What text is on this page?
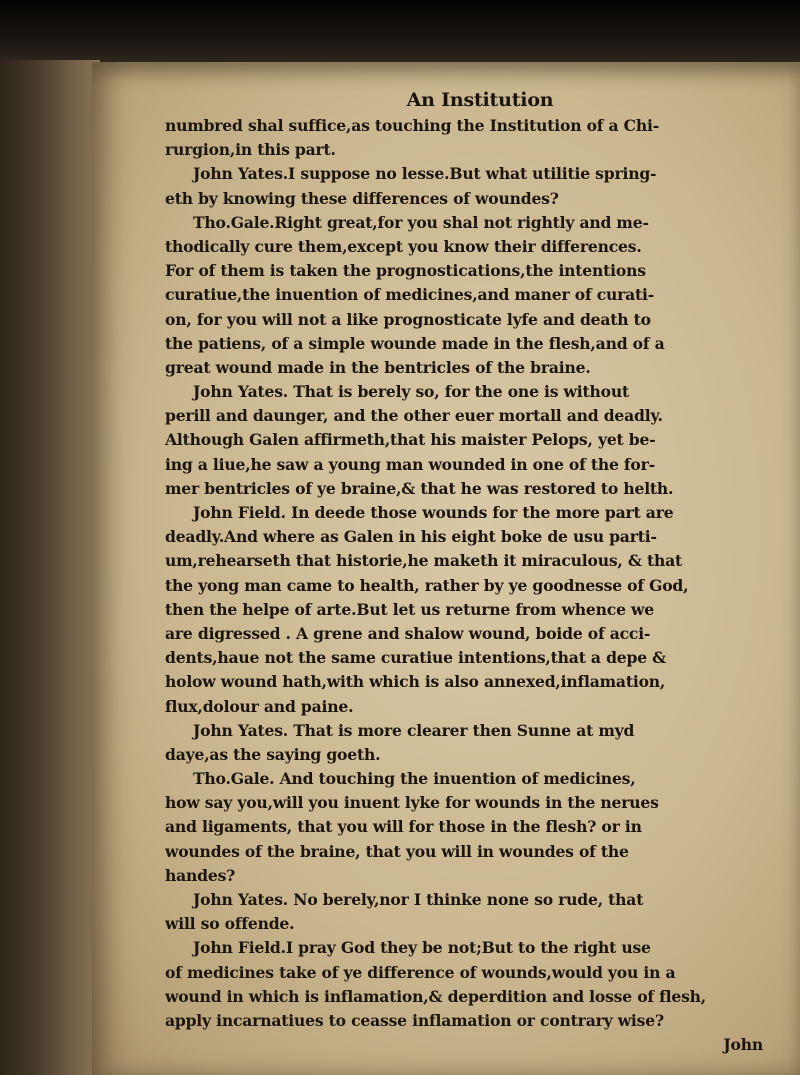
An Institution
numbred shal suffice,as touching the Institution of a Chi-
rurgion,in this part.
John Yates.I suppose no lesse.But what utilitie spring-
eth by knowing these differences of woundes?
Tho.Gale.Right great,for you shal not rightly and me-
thodically cure them,except you know their differences.
For of them is taken the prognostications,the intentions
curatiue,the inuention of medicines,and maner of curati-
on, for you will not a like prognosticate lyfe and death to
the patiens, of a simple wounde made in the flesh,and of a
great wound made in the bentricles of the braine.
John Yates. That is berely so, for the one is without
perill and daunger, and the other euer mortall and deadly.
Although Galen affirmeth,that his maister Pelops, yet be-
ing a liue,he saw a young man wounded in one of the for-
mer bentricles of ye braine,& that he was restored to helth.
John Field. In deede those wounds for the more part are
deadly.And where as Galen in his eight boke de usu parti-
um,rehearseth that historie,he maketh it miraculous, & that
the yong man came to health, rather by ye goodnesse of God,
then the helpe of arte.But let us returne from whence we
are digressed . A grene and shalow wound, boide of acci-
dents,haue not the same curatiue intentions,that a depe &
holow wound hath,with which is also annexed,inflamation,
flux,dolour and paine.
John Yates. That is more clearer then Sunne at myd
daye,as the saying goeth.
Tho.Gale. And touching the inuention of medicines,
how say you,will you inuent lyke for wounds in the nerues
and ligaments, that you will for those in the flesh? or in
woundes of the braine, that you will in woundes of the
handes?
John Yates. No berely,nor I thinke none so rude, that
will so offende.
John Field.I pray God they be not;But to the right use
of medicines take of ye difference of wounds,would you in a
wound in which is inflamation,& deperdition and losse of flesh,
apply incarnatiues to ceasse inflamation or contrary wise?
John
